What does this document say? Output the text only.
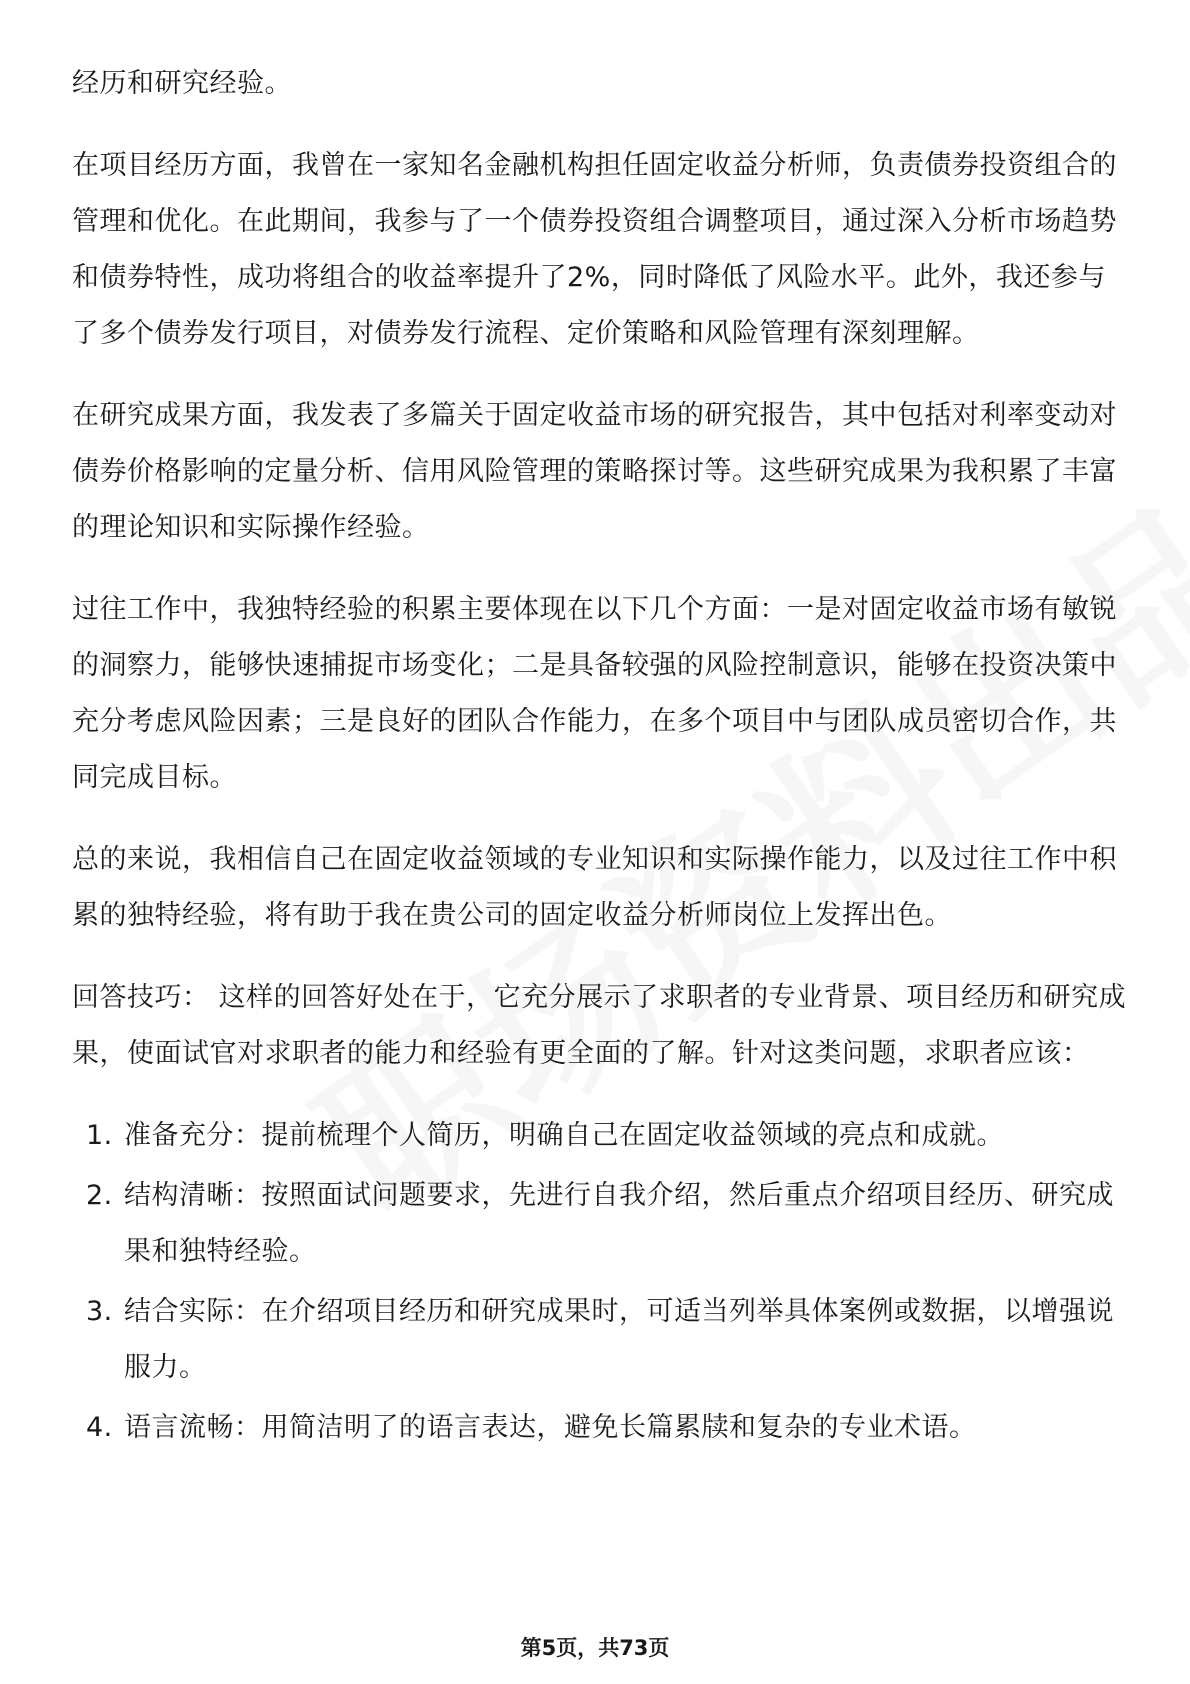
经历和研究经验。

在项目经历方面，我曾在一家知名金融机构担任固定收益分析师，负责债券投资组合的管理和优化。在此期间，我参与了一个债券投资组合调整项目，通过深入分析市场趋势和债券特性，成功将组合的收益率提升了2%，同时降低了风险水平。此外，我还参与了多个债券发行项目，对债券发行流程、定价策略和风险管理有深刻理解。

在研究成果方面，我发表了多篇关于固定收益市场的研究报告，其中包括对利率变动对债券价格影响的定量分析、信用风险管理的策略探讨等。这些研究成果为我积累了丰富的理论知识和实际操作经验。

过往工作中，我独特经验的积累主要体现在以下几个方面：一是对固定收益市场有敏锐的洞察力，能够快速捕捉市场变化；二是具备较强的风险控制意识，能够在投资决策中充分考虑风险因素；三是良好的团队合作能力，在多个项目中与团队成员密切合作，共同完成目标。

总的来说，我相信自己在固定收益领域的专业知识和实际操作能力，以及过往工作中积累的独特经验，将有助于我在贵公司的固定收益分析师岗位上发挥出色。

回答技巧： 这样的回答好处在于，它充分展示了求职者的专业背景、项目经历和研究成果，使面试官对求职者的能力和经验有更全面的了解。针对这类问题，求职者应该：

1. 准备充分：提前梳理个人简历，明确自己在固定收益领域的亮点和成就。
2. 结构清晰：按照面试问题要求，先进行自我介绍，然后重点介绍项目经历、研究成果和独特经验。
3. 结合实际：在介绍项目经历和研究成果时，可适当列举具体案例或数据，以增强说服力。
4. 语言流畅：用简洁明了的语言表达，避免长篇累牍和复杂的专业术语。
第5页，共73页
